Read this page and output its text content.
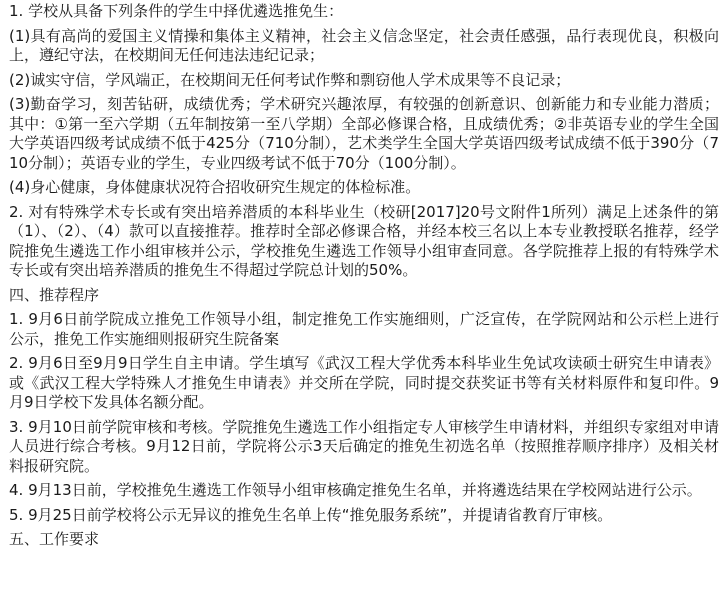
1. 学校从具备下列条件的学生中择优遴选推免生：

(1)具有高尚的爱国主义情操和集体主义精神，社会主义信念坚定，社会责任感强，品行表现优良，积极向上，遵纪守法，在校期间无任何违法违纪记录；

(2)诚实守信，学风端正，在校期间无任何考试作弊和剽窃他人学术成果等不良记录；

(3)勤奋学习，刻苦钻研，成绩优秀；学术研究兴趣浓厚，有较强的创新意识、创新能力和专业能力潜质；其中：①第一至六学期（五年制按第一至八学期）全部必修课合格，且成绩优秀；②非英语专业的学生全国大学英语四级考试成绩不低于425分（710分制），艺术类学生全国大学英语四级考试成绩不低于390分（710分制）；英语专业的学生，专业四级考试不低于70分（100分制）。

(4)身心健康，身体健康状况符合招收研究生规定的体检标准。

2. 对有特殊学术专长或有突出培养潜质的本科毕业生（校研[2017]20号文附件1所列）满足上述条件的第（1）、（2）、（4）款可以直接推荐。推荐时全部必修课合格，并经本校三名以上本专业教授联名推荐，经学院推免生遴选工作小组审核并公示，学校推免生遴选工作领导小组审查同意。各学院推荐上报的有特殊学术专长或有突出培养潜质的推免生不得超过学院总计划的50%。

四、推荐程序

1. 9月6日前学院成立推免工作领导小组，制定推免工作实施细则，广泛宣传，在学院网站和公示栏上进行公示，推免工作实施细则报研究生院备案

2. 9月6日至9月9日学生自主申请。学生填写《武汉工程大学优秀本科毕业生免试攻读硕士研究生申请表》或《武汉工程大学特殊人才推免生申请表》并交所在学院，同时提交获奖证书等有关材料原件和复印件。9月9日学校下发具体名额分配。

3. 9月10日前学院审核和考核。学院推免生遴选工作小组指定专人审核学生申请材料，并组织专家组对申请人员进行综合考核。9月12日前，学院将公示3天后确定的推免生初选名单（按照推荐顺序排序）及相关材料报研究院。

4. 9月13日前，学校推免生遴选工作领导小组审核确定推免生名单，并将遴选结果在学校网站进行公示。

5. 9月25日前学校将公示无异议的推免生名单上传“推免服务系统”，并提请省教育厅审核。

五、工作要求
